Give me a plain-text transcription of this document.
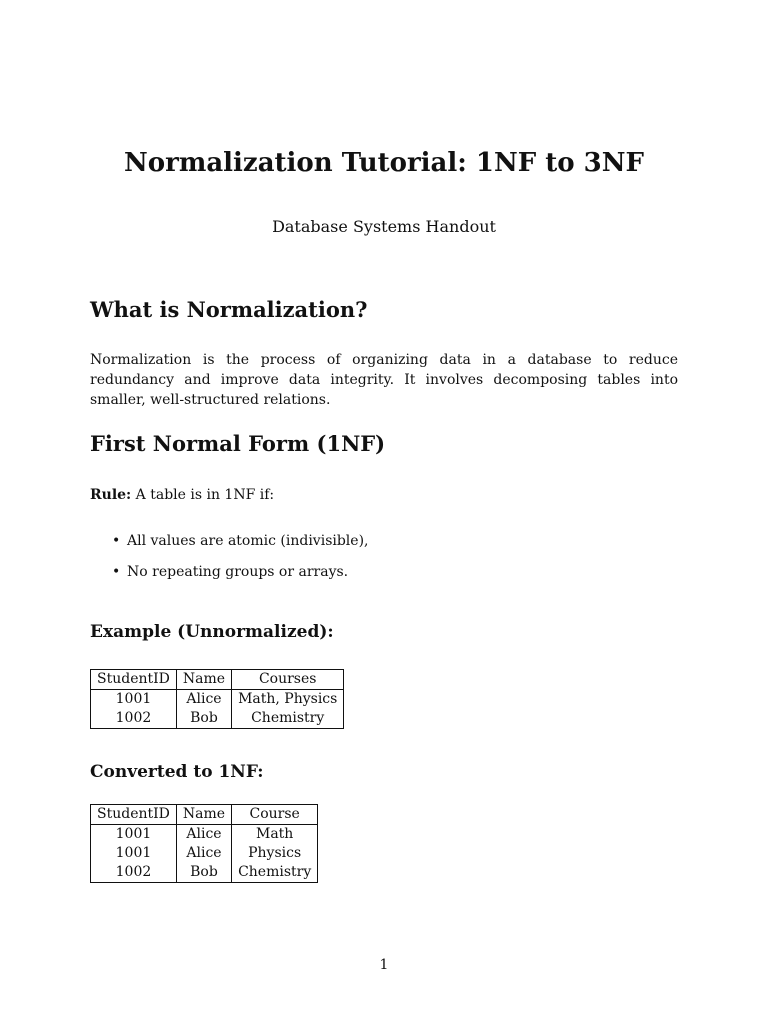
Normalization Tutorial: 1NF to 3NF
Database Systems Handout
What is Normalization?

Normalization is the process of organizing data in a database to reduce redundancy and improve data integrity. It involves decomposing tables into smaller, well-structured relations.

First Normal Form (1NF)
Rule: A table is in 1NF if:
• All values are atomic (indivisible),
• No repeating groups or arrays.
Example (Unnormalized):
StudentID	Name	Courses
1001	Alice	Math, Physics
1002	Bob	Chemistry
Converted to 1NF:
StudentID	Name	Course
1001	Alice	Math
1001	Alice	Physics
1002	Bob	Chemistry
1
